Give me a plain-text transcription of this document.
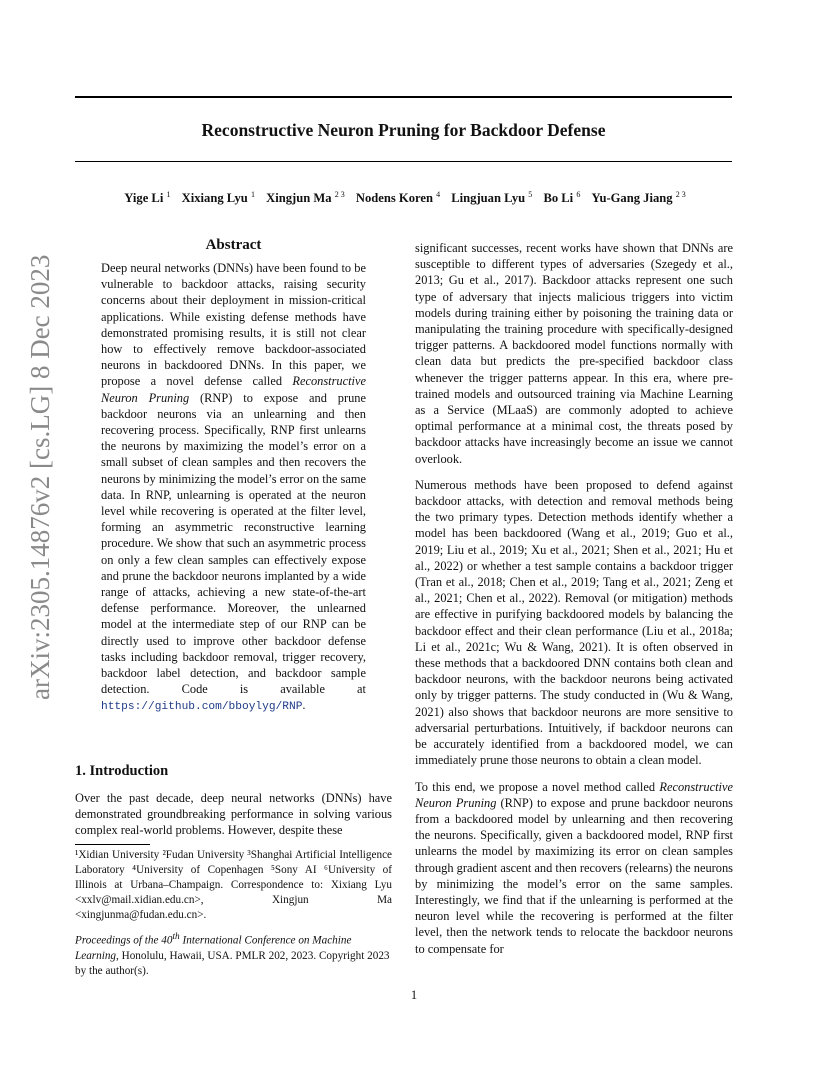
Reconstructive Neuron Pruning for Backdoor Defense
Yige Li $^1$ Xixiang Lyu $^1$ Xingjun Ma $^{2 3}$ Nodens Koren $^4$ Lingjuan Lyu $^5$ Bo Li $^6$ Yu-Gang Jiang $^{2 3}$
arXiv:2305.14876v2 [cs.LG] 8 Dec 2023
Abstract

Deep neural networks (DNNs) have been found to be vulnerable to backdoor attacks, raising security concerns about their deployment in mission-critical applications. While existing defense methods have demonstrated promising results, it is still not clear how to effectively remove backdoor-associated neurons in backdoored DNNs. In this paper, we propose a novel defense called Reconstructive Neuron Pruning (RNP) to expose and prune backdoor neurons via an unlearning and then recovering process. Specifically, RNP first unlearns the neurons by maximizing the model’s error on a small subset of clean samples and then recovers the neurons by minimizing the model’s error on the same data. In RNP, unlearning is operated at the neuron level while recovering is operated at the filter level, forming an asymmetric reconstructive learning procedure. We show that such an asymmetric process on only a few clean samples can effectively expose and prune the backdoor neurons implanted by a wide range of attacks, achieving a new state-of-the-art defense performance. Moreover, the unlearned model at the intermediate step of our RNP can be directly used to improve other backdoor defense tasks including backdoor removal, trigger recovery, backdoor label detection, and backdoor sample detection. Code is available at https://github.com/bboylyg/RNP.

1. Introduction

Over the past decade, deep neural networks (DNNs) have demonstrated groundbreaking performance in solving various complex real-world problems. However, despite these

¹Xidian University ²Fudan University ³Shanghai Artificial Intelligence Laboratory ⁴University of Copenhagen ⁵Sony AI ⁶University of Illinois at Urbana–Champaign. Correspondence to: Xixiang Lyu <xxlv@mail.xidian.edu.cn>, Xingjun Ma <xingjunma@fudan.edu.cn>.

Proceedings of the 40th International Conference on Machine Learning, Honolulu, Hawaii, USA. PMLR 202, 2023. Copyright 2023 by the author(s).

significant successes, recent works have shown that DNNs are susceptible to different types of adversaries (Szegedy et al., 2013; Gu et al., 2017). Backdoor attacks represent one such type of adversary that injects malicious triggers into victim models during training either by poisoning the training data or manipulating the training procedure with specifically-designed trigger patterns. A backdoored model functions normally with clean data but predicts the pre-specified backdoor class whenever the trigger patterns appear. In this era, where pre-trained models and outsourced training via Machine Learning as a Service (MLaaS) are commonly adopted to achieve optimal performance at a minimal cost, the threats posed by backdoor attacks have increasingly become an issue we cannot overlook.

Numerous methods have been proposed to defend against backdoor attacks, with detection and removal methods being the two primary types. Detection methods identify whether a model has been backdoored (Wang et al., 2019; Guo et al., 2019; Liu et al., 2019; Xu et al., 2021; Shen et al., 2021; Hu et al., 2022) or whether a test sample contains a backdoor trigger (Tran et al., 2018; Chen et al., 2019; Tang et al., 2021; Zeng et al., 2021; Chen et al., 2022). Removal (or mitigation) methods are effective in purifying backdoored models by balancing the backdoor effect and their clean performance (Liu et al., 2018a; Li et al., 2021c; Wu & Wang, 2021). It is often observed in these methods that a backdoored DNN contains both clean and backdoor neurons, with the backdoor neurons being activated only by trigger patterns. The study conducted in (Wu & Wang, 2021) also shows that backdoor neurons are more sensitive to adversarial perturbations. Intuitively, if backdoor neurons can be accurately identified from a backdoored model, we can immediately prune those neurons to obtain a clean model.

To this end, we propose a novel method called Reconstructive Neuron Pruning (RNP) to expose and prune backdoor neurons from a backdoored model by unlearning and then recovering the neurons. Specifically, given a backdoored model, RNP first unlearns the model by maximizing its error on clean samples through gradient ascent and then recovers (relearns) the neurons by minimizing the model’s error on the same samples. Interestingly, we find that if the unlearning is performed at the neuron level while the recovering is performed at the filter level, then the network tends to relocate the backdoor neurons to compensate for

1
